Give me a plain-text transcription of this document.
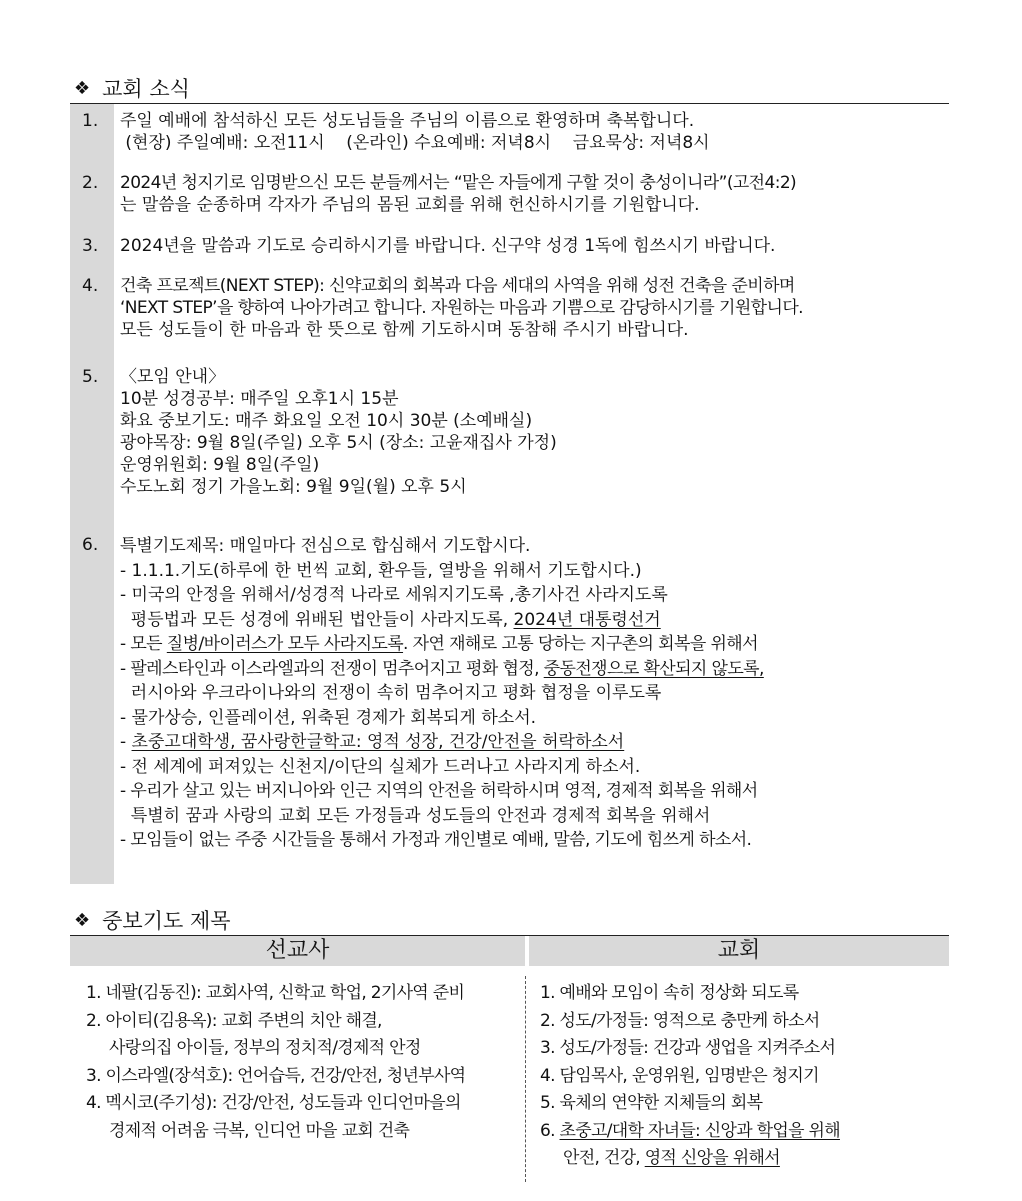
❖ 교회 소식
1. 주일 예배에 참석하신 모든 성도님들을 주님의 이름으로 환영하며 축복합니다.
(현장) 주일예배: 오전11시    (온라인) 수요예배: 저녁8시    금요묵상: 저녁8시
2. 2024년 청지기로 임명받으신 모든 분들께서는 “맡은 자들에게 구할 것이 충성이니라”(고전4:2)
는 말씀을 순종하며 각자가 주님의 몸된 교회를 위해 헌신하시기를 기원합니다.
3. 2024년을 말씀과 기도로 승리하시기를 바랍니다. 신구약 성경 1독에 힘쓰시기 바랍니다.
4. 건축 프로젝트(NEXT STEP): 신약교회의 회복과 다음 세대의 사역을 위해 성전 건축을 준비하며
‘NEXT STEP’을 향하여 나아가려고 합니다. 자원하는 마음과 기쁨으로 감당하시기를 기원합니다.
모든 성도들이 한 마음과 한 뜻으로 함께 기도하시며 동참해 주시기 바랍니다.
5. 〈모임 안내〉
10분 성경공부: 매주일 오후1시 15분
화요 중보기도: 매주 화요일 오전 10시 30분 (소예배실)
광야목장: 9월 8일(주일) 오후 5시 (장소: 고윤재집사 가정)
운영위원회: 9월 8일(주일)
수도노회 정기 가을노회: 9월 9일(월) 오후 5시
6. 특별기도제목: 매일마다 전심으로 합심해서 기도합시다.
- 1.1.1.기도(하루에 한 번씩 교회, 환우들, 열방을 위해서 기도합시다.)
- 미국의 안정을 위해서/성경적 나라로 세워지기도록 ,총기사건 사라지도록
평등법과 모든 성경에 위배된 법안들이 사라지도록, 2024년 대통령선거
- 모든 질병/바이러스가 모두 사라지도록. 자연 재해로 고통 당하는 지구촌의 회복을 위해서
- 팔레스타인과 이스라엘과의 전쟁이 멈추어지고 평화 협정, 중동전쟁으로 확산되지 않도록,
러시아와 우크라이나와의 전쟁이 속히 멈추어지고 평화 협정을 이루도록
- 물가상승, 인플레이션, 위축된 경제가 회복되게 하소서.
- 초중고대학생, 꿈사랑한글학교: 영적 성장, 건강/안전을 허락하소서
- 전 세계에 퍼져있는 신천지/이단의 실체가 드러나고 사라지게 하소서.
- 우리가 살고 있는 버지니아와 인근 지역의 안전을 허락하시며 영적, 경제적 회복을 위해서
특별히 꿈과 사랑의 교회 모든 가정들과 성도들의 안전과 경제적 회복을 위해서
- 모임들이 없는 주중 시간들을 통해서 가정과 개인별로 예배, 말씀, 기도에 힘쓰게 하소서.
❖ 중보기도 제목
선교사	교회
1. 네팔(김동진): 교회사역, 신학교 학업, 2기사역 준비
2. 아이티(김용옥): 교회 주변의 치안 해결,
사랑의집 아이들, 정부의 정치적/경제적 안정
3. 이스라엘(장석호): 언어습득, 건강/안전, 청년부사역
4. 멕시코(주기성): 건강/안전, 성도들과 인디언마을의
경제적 어려움 극복, 인디언 마을 교회 건축
1. 예배와 모임이 속히 정상화 되도록
2. 성도/가정들: 영적으로 충만케 하소서
3. 성도/가정들: 건강과 생업을 지켜주소서
4. 담임목사, 운영위원, 임명받은 청지기
5. 육체의 연약한 지체들의 회복
6. 초중고/대학 자녀들: 신앙과 학업을 위해
안전, 건강, 영적 신앙을 위해서
